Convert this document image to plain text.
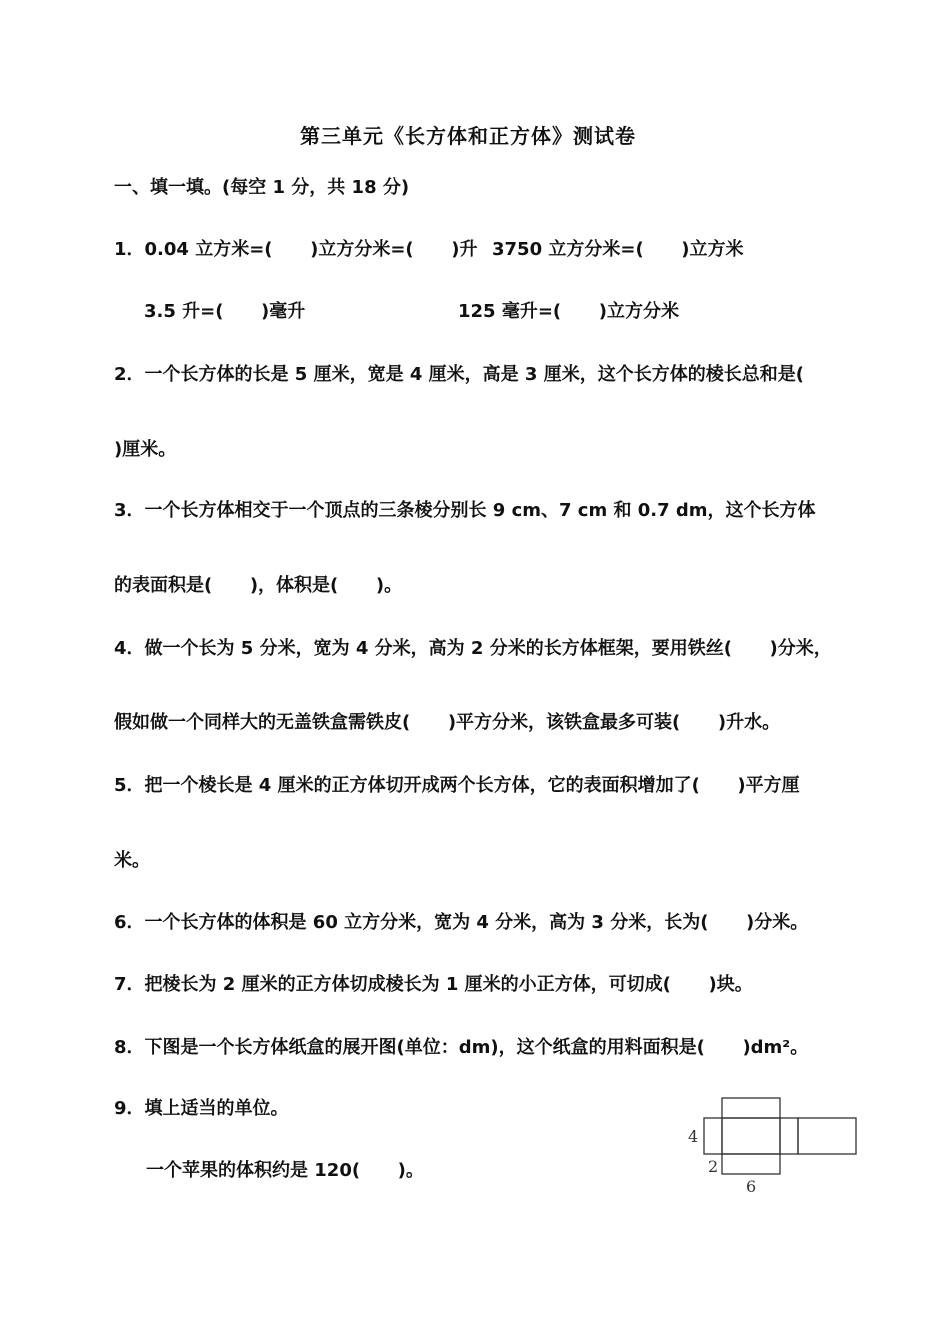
第三单元《长方体和正方体》测试卷
一、填一填。(每空 1 分，共 18 分)
1．0.04 立方米=(      )立方分米=(      )升 3750 立方分米=(      )立方米
3.5 升=(      )毫升	125 毫升=(      )立方分米
2．一个长方体的长是 5 厘米，宽是 4 厘米，高是 3 厘米，这个长方体的棱长总和是(
)厘米。
3．一个长方体相交于一个顶点的三条棱分别长 9 cm、7 cm 和 0.7 dm，这个长方体
的表面积是(      )，体积是(      )。
4．做一个长为 5 分米，宽为 4 分米，高为 2 分米的长方体框架，要用铁丝(      )分米，
假如做一个同样大的无盖铁盒需铁皮(      )平方分米，该铁盒最多可装(      )升水。
5．把一个棱长是 4 厘米的正方体切开成两个长方体，它的表面积增加了(      )平方厘
米。
6．一个长方体的体积是 60 立方分米，宽为 4 分米，高为 3 分米，长为(      )分米。
7．把棱长为 2 厘米的正方体切成棱长为 1 厘米的小正方体，可切成(      )块。
8．下图是一个长方体纸盒的展开图(单位：dm)，这个纸盒的用料面积是(      )dm²。
9．填上适当的单位。
一个苹果的体积约是 120(      )。
4
2
6
